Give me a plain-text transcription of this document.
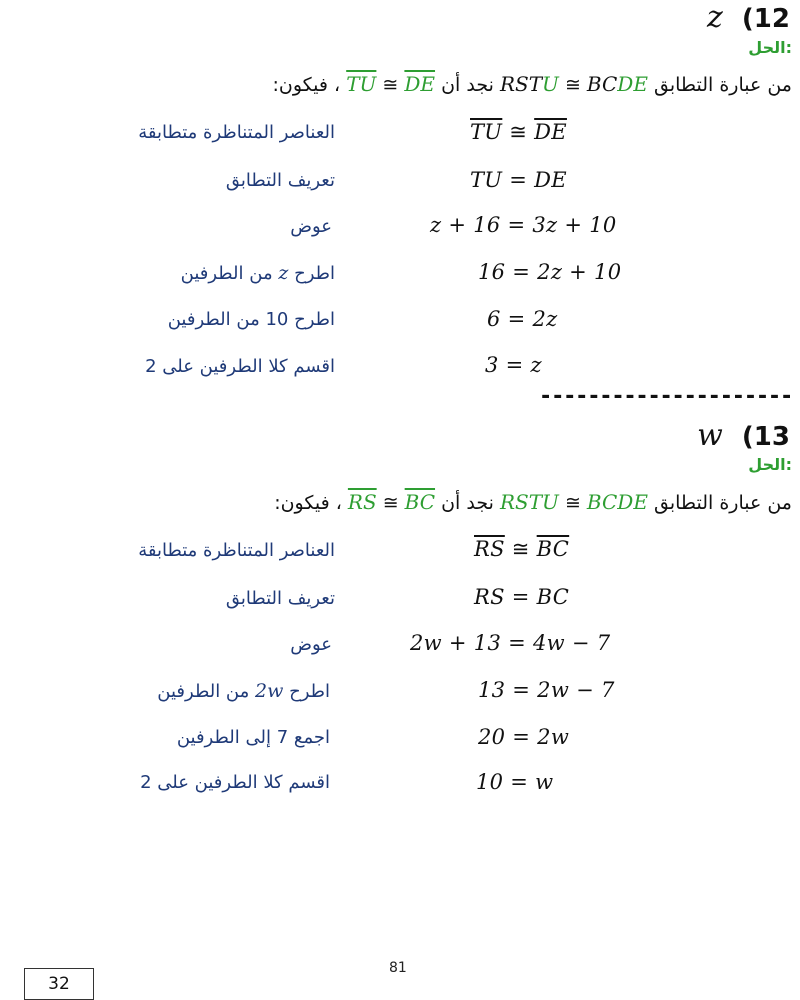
z (12
الحل:
من عبارة التطابق RSTU ≅ BCDE نجد أن $\overline{TU}$ ≅ $\overline{DE}$ ، فيكون:
العناصر المتناظرة متطابقة	$\overline{TU}$ ≅ $\overline{DE}$
تعريف التطابق	TU = DE
عوض	z + 16 = 3z + 10
اطرح z من الطرفين	16 = 2z + 10
اطرح 10 من الطرفين	6 = 2z
اقسم كلا الطرفين على 2	3 = z
---------------------
w (13
الحل:
من عبارة التطابق RSTU ≅ BCDE نجد أن $\overline{RS}$ ≅ $\overline{BC}$ ، فيكون:
العناصر المتناظرة متطابقة	$\overline{RS}$ ≅ $\overline{BC}$
تعريف التطابق	RS = BC
عوض	2w + 13 = 4w − 7
اطرح 2w من الطرفين	13 = 2w − 7
اجمع 7 إلى الطرفين	20 = 2w
اقسم كلا الطرفين على 2	10 = w
81
32
